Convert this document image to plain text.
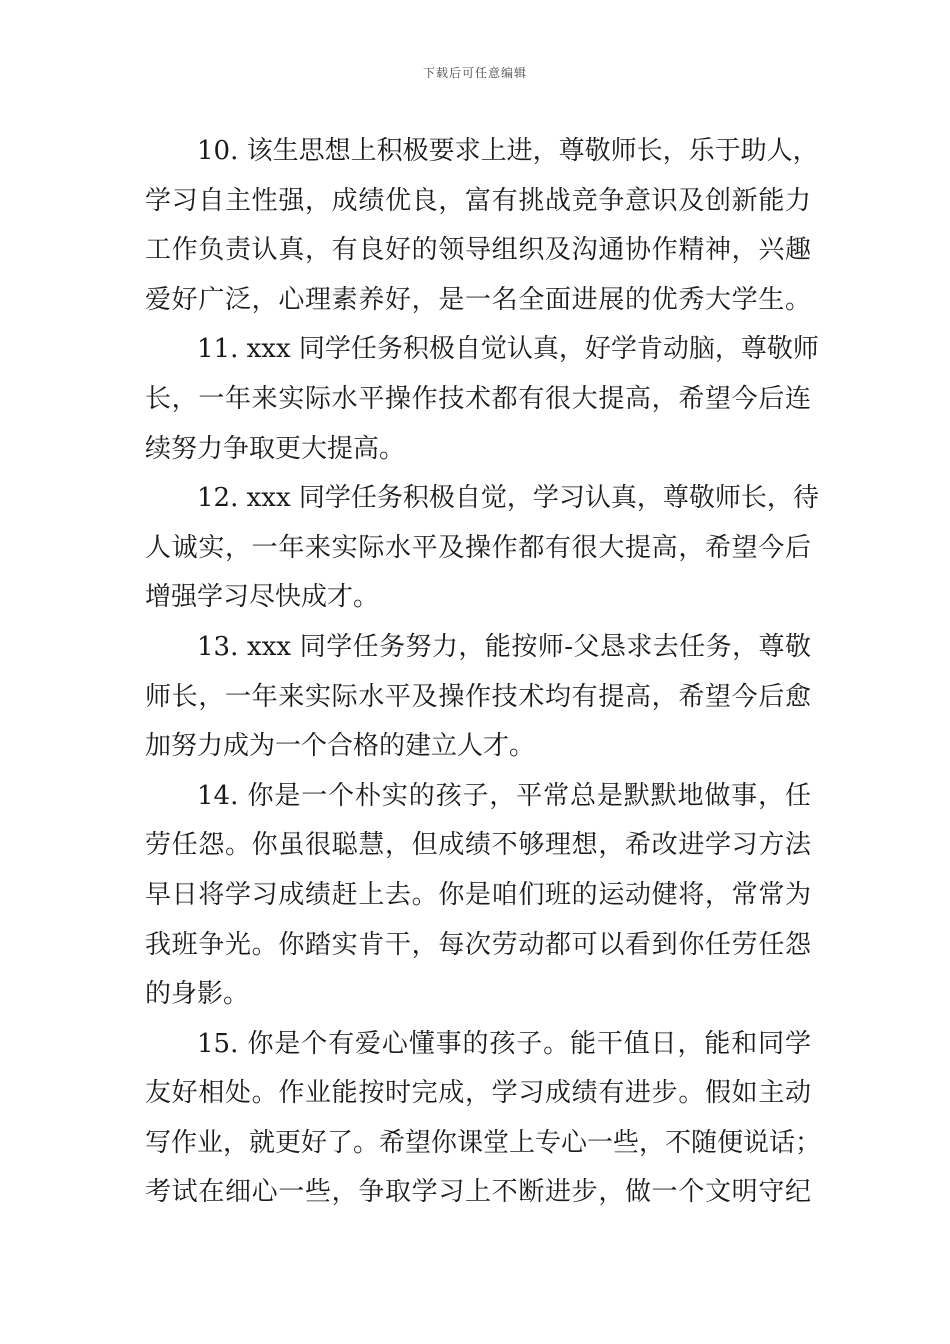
下载后可任意编辑
10. 该生思想上积极要求上进，尊敬师长，乐于助人，
学习自主性强，成绩优良，富有挑战竞争意识及创新能力
工作负责认真，有良好的领导组织及沟通协作精神，兴趣
爱好广泛，心理素养好，是一名全面进展的优秀大学生。
11. xxx 同学任务积极自觉认真，好学肯动脑，尊敬师
长，一年来实际水平操作技术都有很大提高，希望今后连
续努力争取更大提高。
12. xxx 同学任务积极自觉，学习认真，尊敬师长，待
人诚实，一年来实际水平及操作都有很大提高，希望今后
增强学习尽快成才。
13. xxx 同学任务努力，能按师-父恳求去任务，尊敬
师长，一年来实际水平及操作技术均有提高，希望今后愈
加努力成为一个合格的建立人才。
14. 你是一个朴实的孩子，平常总是默默地做事，任
劳任怨。你虽很聪慧，但成绩不够理想，希改进学习方法
早日将学习成绩赶上去。你是咱们班的运动健将，常常为
我班争光。你踏实肯干，每次劳动都可以看到你任劳任怨
的身影。
15. 你是个有爱心懂事的孩子。能干值日，能和同学
友好相处。作业能按时完成，学习成绩有进步。假如主动
写作业，就更好了。希望你课堂上专心一些，不随便说话；
考试在细心一些，争取学习上不断进步，做一个文明守纪
